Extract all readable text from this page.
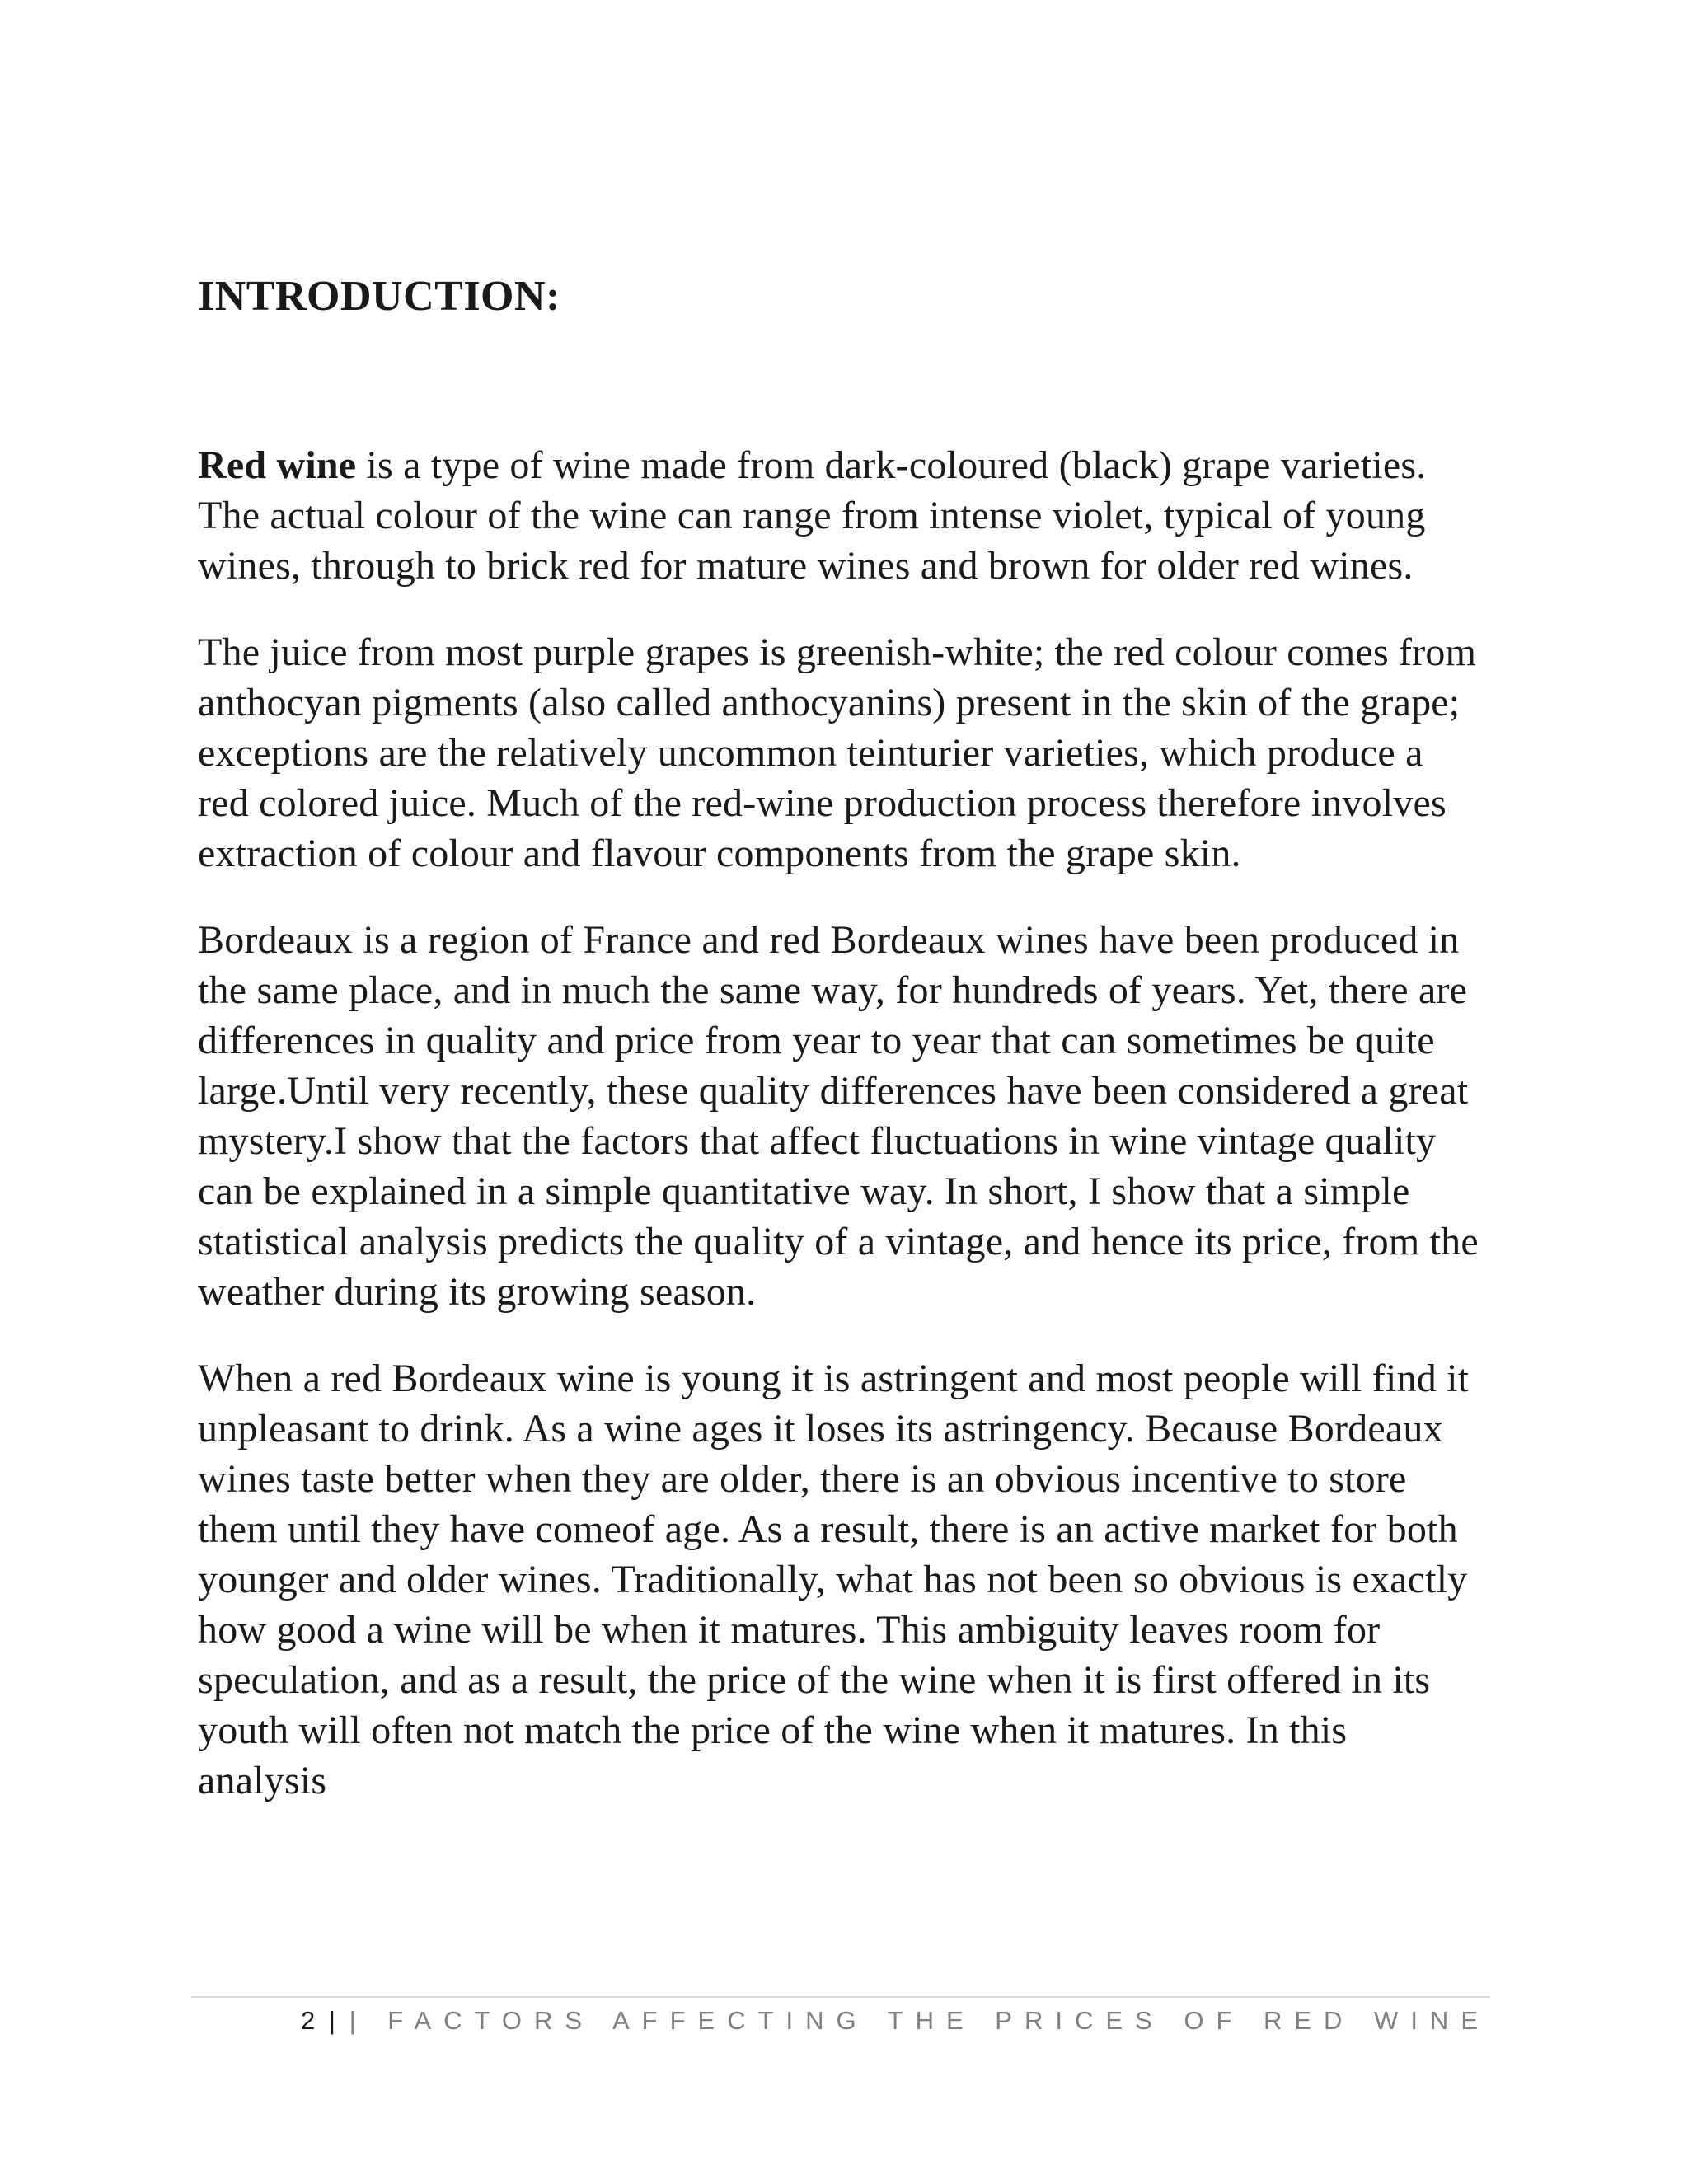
INTRODUCTION:

Red wine is a type of wine made from dark-coloured (black) grape varieties. The actual colour of the wine can range from intense violet, typical of young wines, through to brick red for mature wines and brown for older red wines.

The juice from most purple grapes is greenish-white; the red colour comes from anthocyan pigments (also called anthocyanins) present in the skin of the grape; exceptions are the relatively uncommon teinturier varieties, which produce a red colored juice. Much of the red-wine production process therefore involves extraction of colour and flavour components from the grape skin.

Bordeaux is a region of France and red Bordeaux wines have been produced in the same place, and in much the same way, for hundreds of years. Yet, there are differences in quality and price from year to year that can sometimes be quite large.Until very recently, these quality differences have been considered a great mystery.I show that the factors that affect fluctuations in wine vintage quality can be explained in a simple quantitative way. In short, I show that a simple statistical analysis predicts the quality of a vintage, and hence its price, from the weather during its growing season.

When a red Bordeaux wine is young it is astringent and most people will find it unpleasant to drink. As a wine ages it loses its astringency. Because Bordeaux wines taste better when they are older, there is an obvious incentive to store them until they have comeof age. As a result, there is an active market for both younger and older wines. Traditionally, what has not been so obvious is exactly how good a wine will be when it matures. This ambiguity leaves room for speculation, and as a result, the price of the wine when it is first offered in its youth will often not match the price of the wine when it matures. In this analysis

2 | | FACTORS AFFECTING THE PRICES OF RED WINE
